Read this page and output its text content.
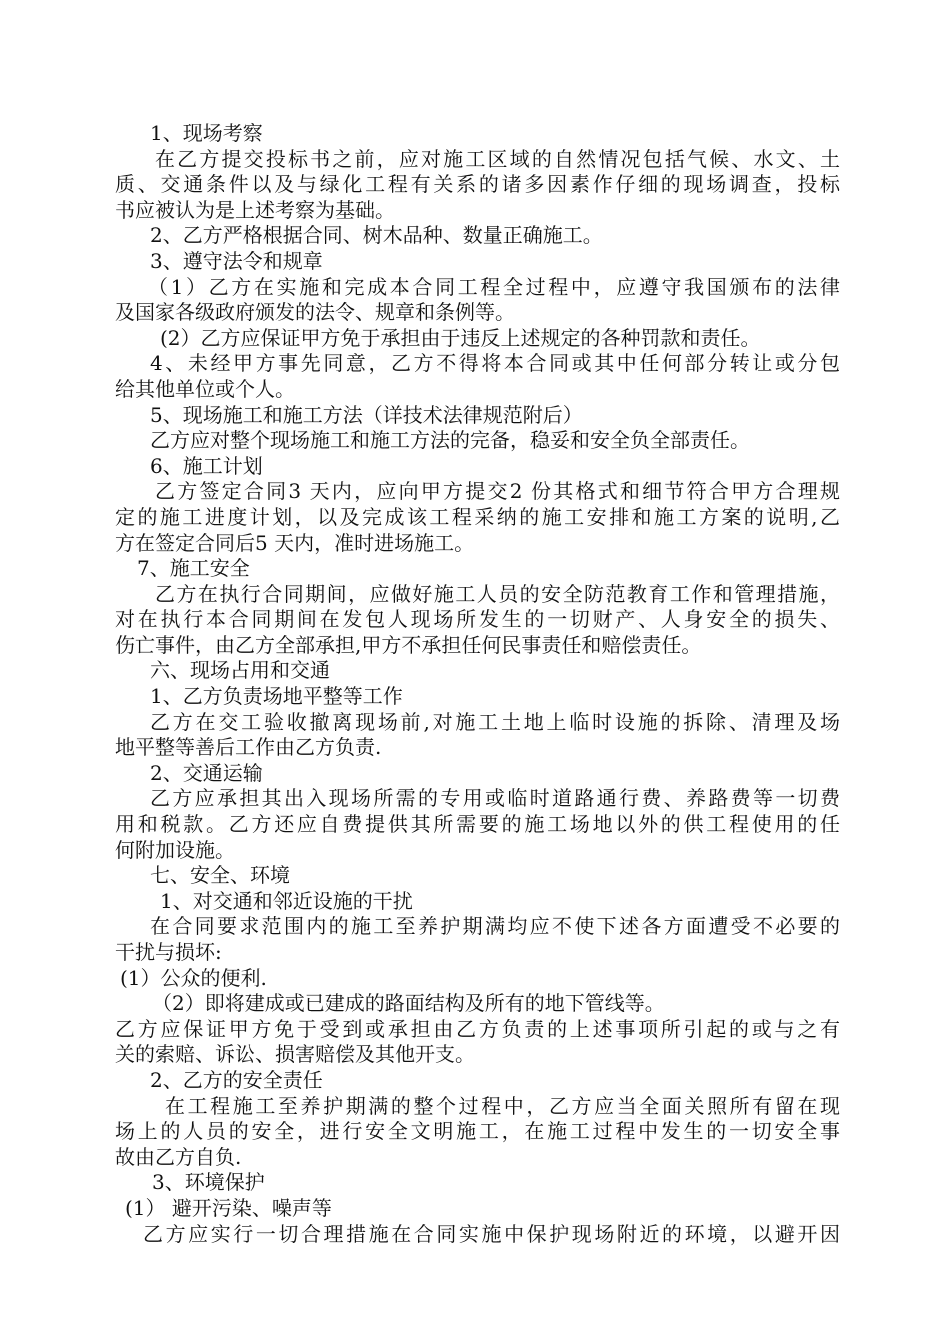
1、现场考察
在乙方提交投标书之前，应对施工区域的自然情况包括气候、水文、土
质、交通条件以及与绿化工程有关系的诸多因素作仔细的现场调查，投标
书应被认为是上述考察为基础。
2、乙方严格根据合同、树木品种、数量正确施工。
3、遵守法令和规章
（1）乙方在实施和完成本合同工程全过程中，应遵守我国颁布的法律
及国家各级政府颁发的法令、规章和条例等。
(2）乙方应保证甲方免于承担由于违反上述规定的各种罚款和责任。
4、未经甲方事先同意，乙方不得将本合同或其中任何部分转让或分包
给其他单位或个人。
5、现场施工和施工方法（详技术法律规范附后）
乙方应对整个现场施工和施工方法的完备，稳妥和安全负全部责任。
6、施工计划
乙方签定合同3 天内，应向甲方提交2 份其格式和细节符合甲方合理规
定的施工进度计划，以及完成该工程采纳的施工安排和施工方案的说明,乙
方在签定合同后5 天内，准时进场施工。
7、施工安全
乙方在执行合同期间，应做好施工人员的安全防范教育工作和管理措施，
对在执行本合同期间在发包人现场所发生的一切财产、人身安全的损失、
伤亡事件，由乙方全部承担,甲方不承担任何民事责任和赔偿责任。
六、现场占用和交通
1、乙方负责场地平整等工作
乙方在交工验收撤离现场前,对施工土地上临时设施的拆除、清理及场
地平整等善后工作由乙方负责.
2、交通运输
乙方应承担其出入现场所需的专用或临时道路通行费、养路费等一切费
用和税款。乙方还应自费提供其所需要的施工场地以外的供工程使用的任
何附加设施。
七、安全、环境
1、对交通和邻近设施的干扰
在合同要求范围内的施工至养护期满均应不使下述各方面遭受不必要的
干扰与损坏:
(1）公众的便利.
（2）即将建成或已建成的路面结构及所有的地下管线等。
乙方应保证甲方免于受到或承担由乙方负责的上述事项所引起的或与之有
关的索赔、诉讼、损害赔偿及其他开支。
2、乙方的安全责任
在工程施工至养护期满的整个过程中，乙方应当全面关照所有留在现
场上的人员的安全，进行安全文明施工，在施工过程中发生的一切安全事
故由乙方自负.
3、环境保护
(1） 避开污染、噪声等
乙方应实行一切合理措施在合同实施中保护现场附近的环境，以避开因
